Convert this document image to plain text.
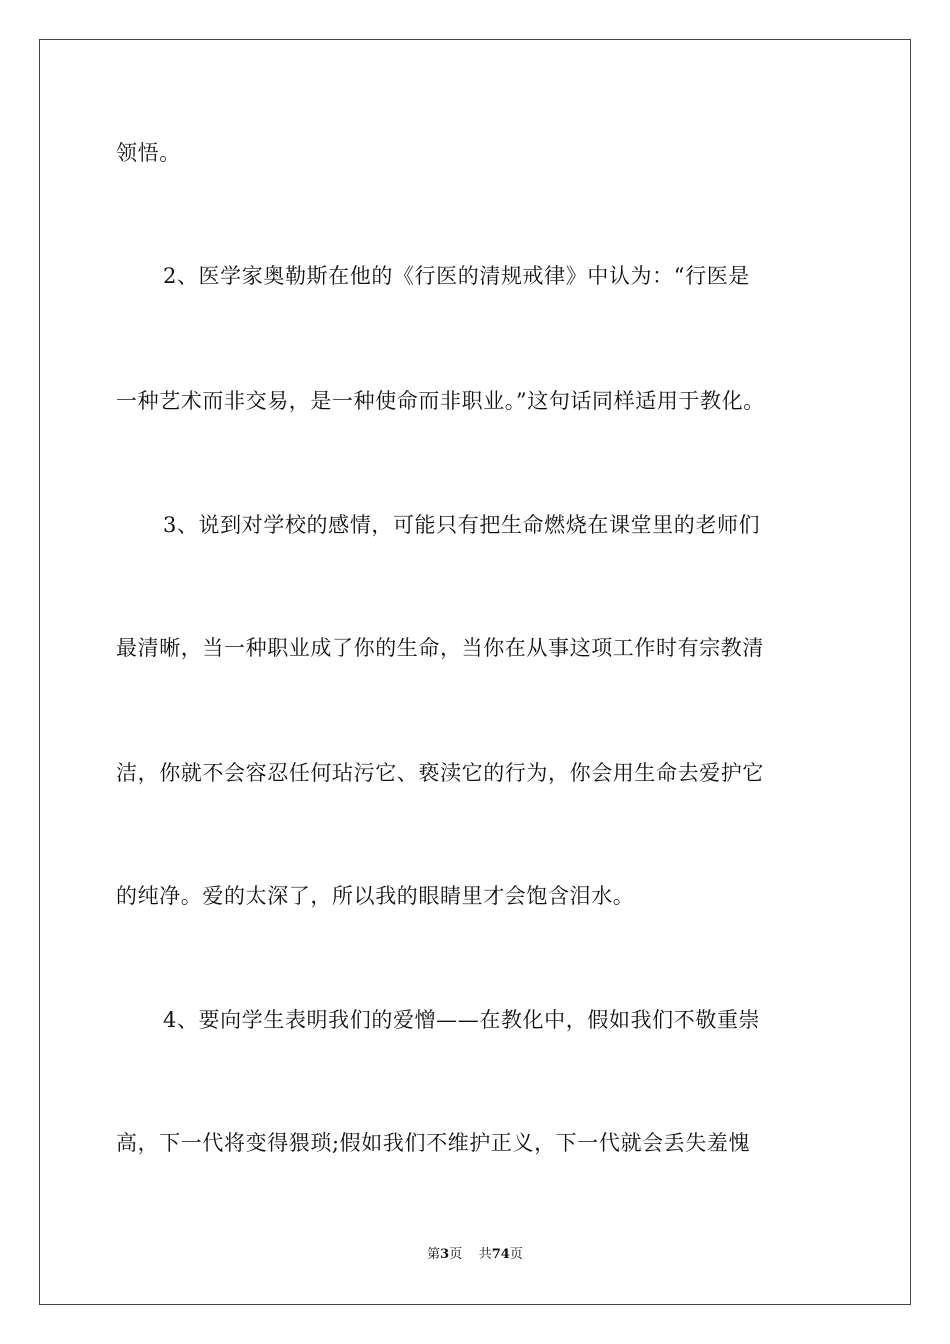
领悟。
2、医学家奥勒斯在他的《行医的清规戒律》中认为：“行医是
一种艺术而非交易，是一种使命而非职业。”这句话同样适用于教化。
3、说到对学校的感情，可能只有把生命燃烧在课堂里的老师们
最清晰，当一种职业成了你的生命，当你在从事这项工作时有宗教清
洁，你就不会容忍任何玷污它、亵渎它的行为，你会用生命去爱护它
的纯净。爱的太深了，所以我的眼睛里才会饱含泪水。
4、要向学生表明我们的爱憎——在教化中，假如我们不敬重崇
高，下一代将变得猥琐;假如我们不维护正义，下一代就会丢失羞愧
第3页 共74页
